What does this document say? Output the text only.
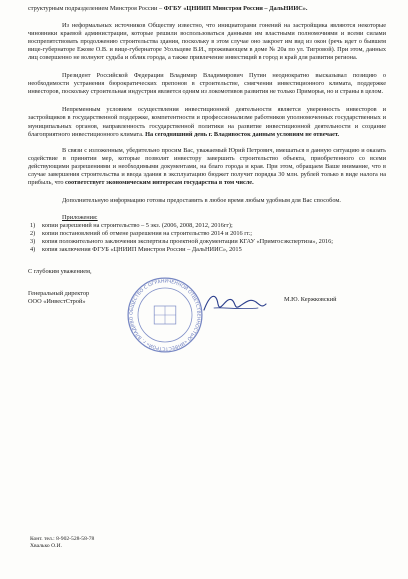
структурным подразделением Минстроя России – ФГБУ «ЦНИИП Минстроя России – ДальНИИС».

Из неформальных источников Обществу известно, что инициаторами гонений на застройщика являются некоторые чиновники краевой администрации, которые решили воспользоваться данными им властными полномочиями и всеми силами воспрепятствовать продолжению строительства здания, поскольку в этом случае оно закроет им вид из окон (речь идет о бывшем вице-губернаторе Ежове О.В. и вице-губернаторе Усольцеве В.И., проживающем в доме № 20а по ул. Тигровой). При этом, данных лиц совершенно не волнуют судьба и облик города, а также привлечение инвестиций в город и край для развития региона.

Президент Российской Федерации Владимир Владимирович Путин неоднократно высказывал позицию о необходимости устранения бюрократических препонов в строительстве, смягчении инвестиционного климата, поддержке инвесторов, поскольку строительная индустрия является одним из локомотивов развития не только Приморья, но и страны в целом.

Непременным условием осуществления инвестиционной деятельности является уверенность инвесторов и застройщиков в государственной поддержке, компетентности и профессионализме работников уполномоченных государственных и муниципальных органов, направленность государственной политики на развитие инвестиционной деятельности и создание благоприятного инвестиционного климата. На сегодняшний день г. Владивосток данным условиям не отвечает.

В связи с изложенным, убедительно просим Вас, уважаемый Юрий Петрович, вмешаться в данную ситуацию и оказать содействие в принятии мер, которые позволят инвестору завершить строительство объекта, приобретенного со всеми действующими разрешениями и необходимыми документами, на благо города и края. При этом, обращаем Ваше внимание, что в случае завершения строительства и ввода здания в эксплуатацию бюджет получит порядка 30 млн. рублей только в виде налога на прибыль, что соответствует экономическим интересам государства в том числе.

Дополнительную информацию готовы предоставить в любое время любым удобным для Вас способом.

Приложения:
1) копии разрешений на строительство – 5 экз. (2006, 2008, 2012, 2016гг);
2) копии постановлений об отмене разрешения на строительство 2014 и 2016 гг.;
3) копия положительного заключения экспертизы проектной документации КГАУ «Примгосэкспертиза», 2016;
4) копия заключения ФГУБ «ЦНИИП Минстроя России – ДальНИИС», 2015
С глубоким уважением,
Генеральный директор
ООО «ИнвестСтрой»
ОБЩЕСТВО С ОГРАНИЧЕННОЙ ОТВЕТСТВЕННОСТЬЮ «ИНВЕСТСТРОЙ» г. ВЛАДИВО
М.Ю. Кержковский
Конт. тел.: 8-902-528-58-78
Хвалько О.И.
